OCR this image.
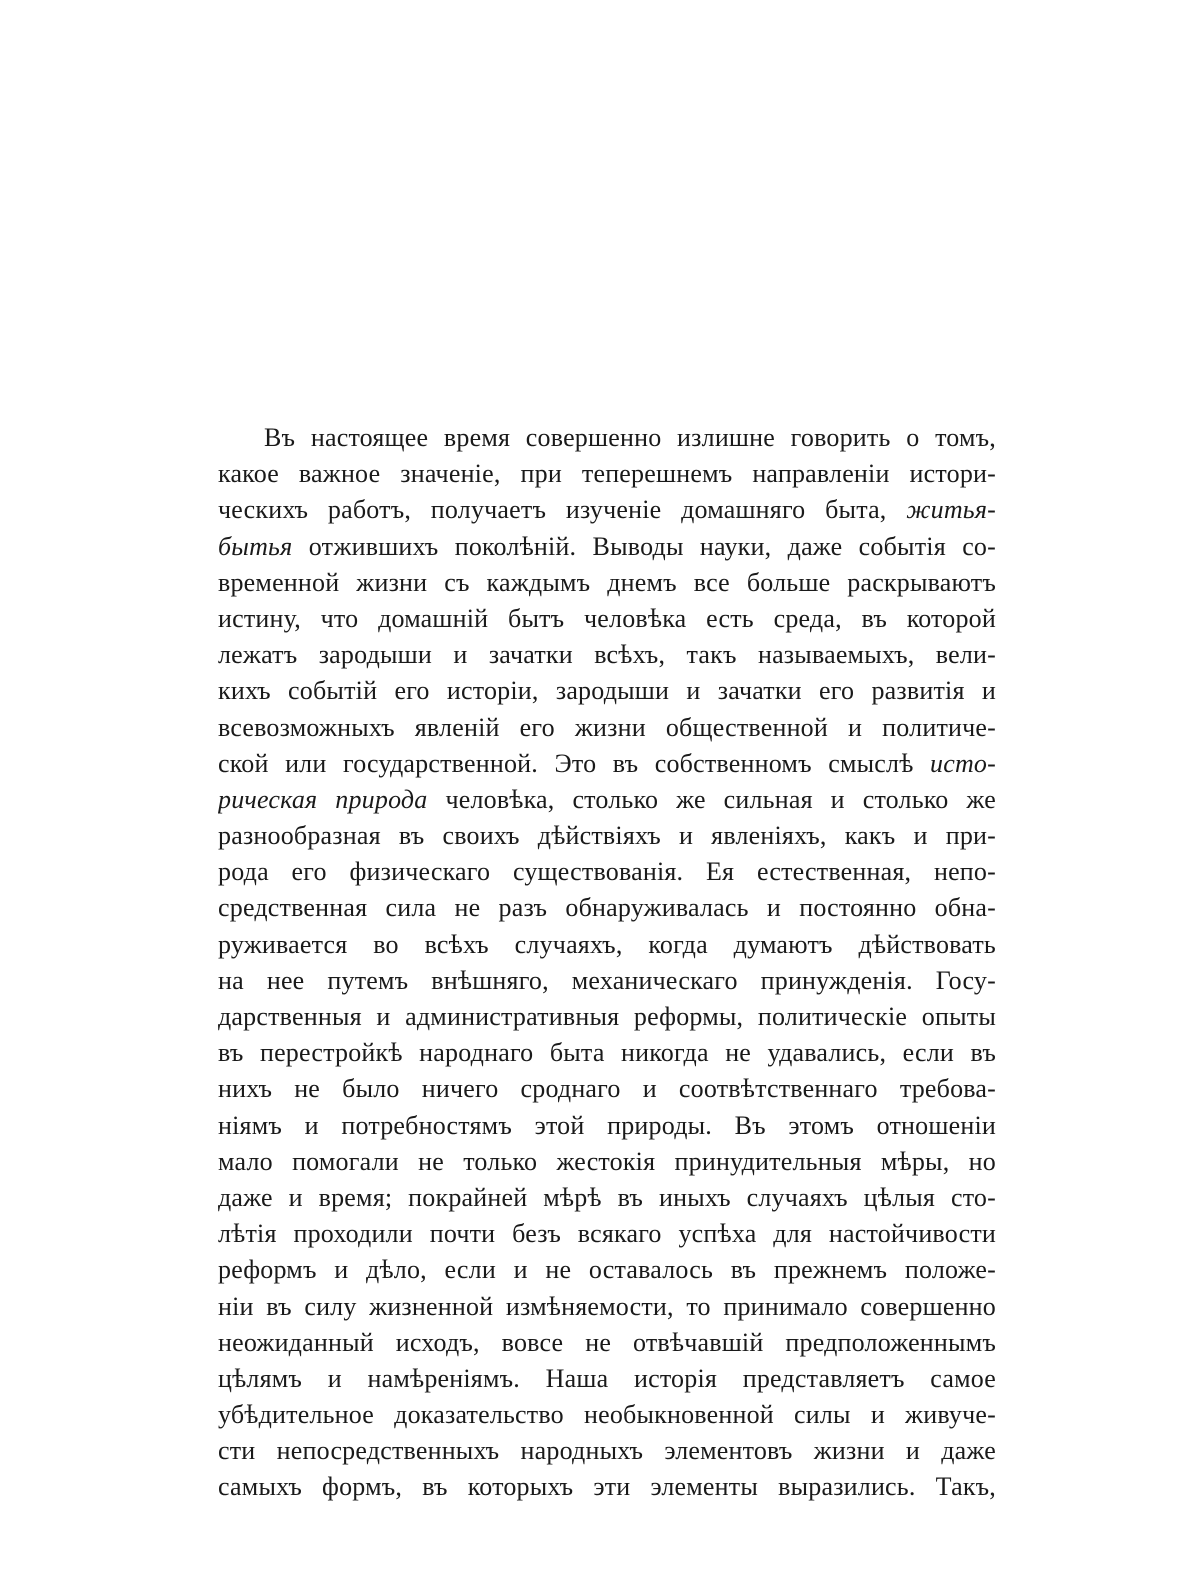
Въ настоящее время совершенно излишне говорить о томъ,
какое важное значеніе, при теперешнемъ направленіи истори-
ческихъ работъ, получаетъ изученіе домашняго быта, житья-
бытья отжившихъ поколѣній. Выводы науки, даже событія со-
временной жизни съ каждымъ днемъ все больше раскрываютъ
истину, что домашній бытъ человѣка есть среда, въ которой
лежатъ зародыши и зачатки всѣхъ, такъ называемыхъ, вели-
кихъ событій его исторіи, зародыши и зачатки его развитія и
всевозможныхъ явленій его жизни общественной и политиче-
ской или государственной. Это въ собственномъ смыслѣ исто-
рическая природа человѣка, столько же сильная и столько же
разнообразная въ своихъ дѣйствіяхъ и явленіяхъ, какъ и при-
рода его физическаго существованія. Ея естественная, непо-
средственная сила не разъ обнаруживалась и постоянно обна-
руживается во всѣхъ случаяхъ, когда думаютъ дѣйствовать
на нее путемъ внѣшняго, механическаго принужденія. Госу-
дарственныя и административныя реформы, политическіе опыты
въ перестройкѣ народнаго быта никогда не удавались, если въ
нихъ не было ничего сроднаго и соотвѣтственнаго требова-
ніямъ и потребностямъ этой природы. Въ этомъ отношеніи
мало помогали не только жестокія принудительныя мѣры, но
даже и время; покрайней мѣрѣ въ иныхъ случаяхъ цѣлыя сто-
лѣтія проходили почти безъ всякаго успѣха для настойчивости
реформъ и дѣло, если и не оставалось въ прежнемъ положе-
ніи въ силу жизненной измѣняемости, то принимало совершенно
неожиданный исходъ, вовсе не отвѣчавшій предположеннымъ
цѣлямъ и намѣреніямъ. Наша исторія представляетъ самое
убѣдительное доказательство необыкновенной силы и живуче-
сти непосредственныхъ народныхъ элементовъ жизни и даже
самыхъ формъ, въ которыхъ эти элементы выразились. Такъ,
